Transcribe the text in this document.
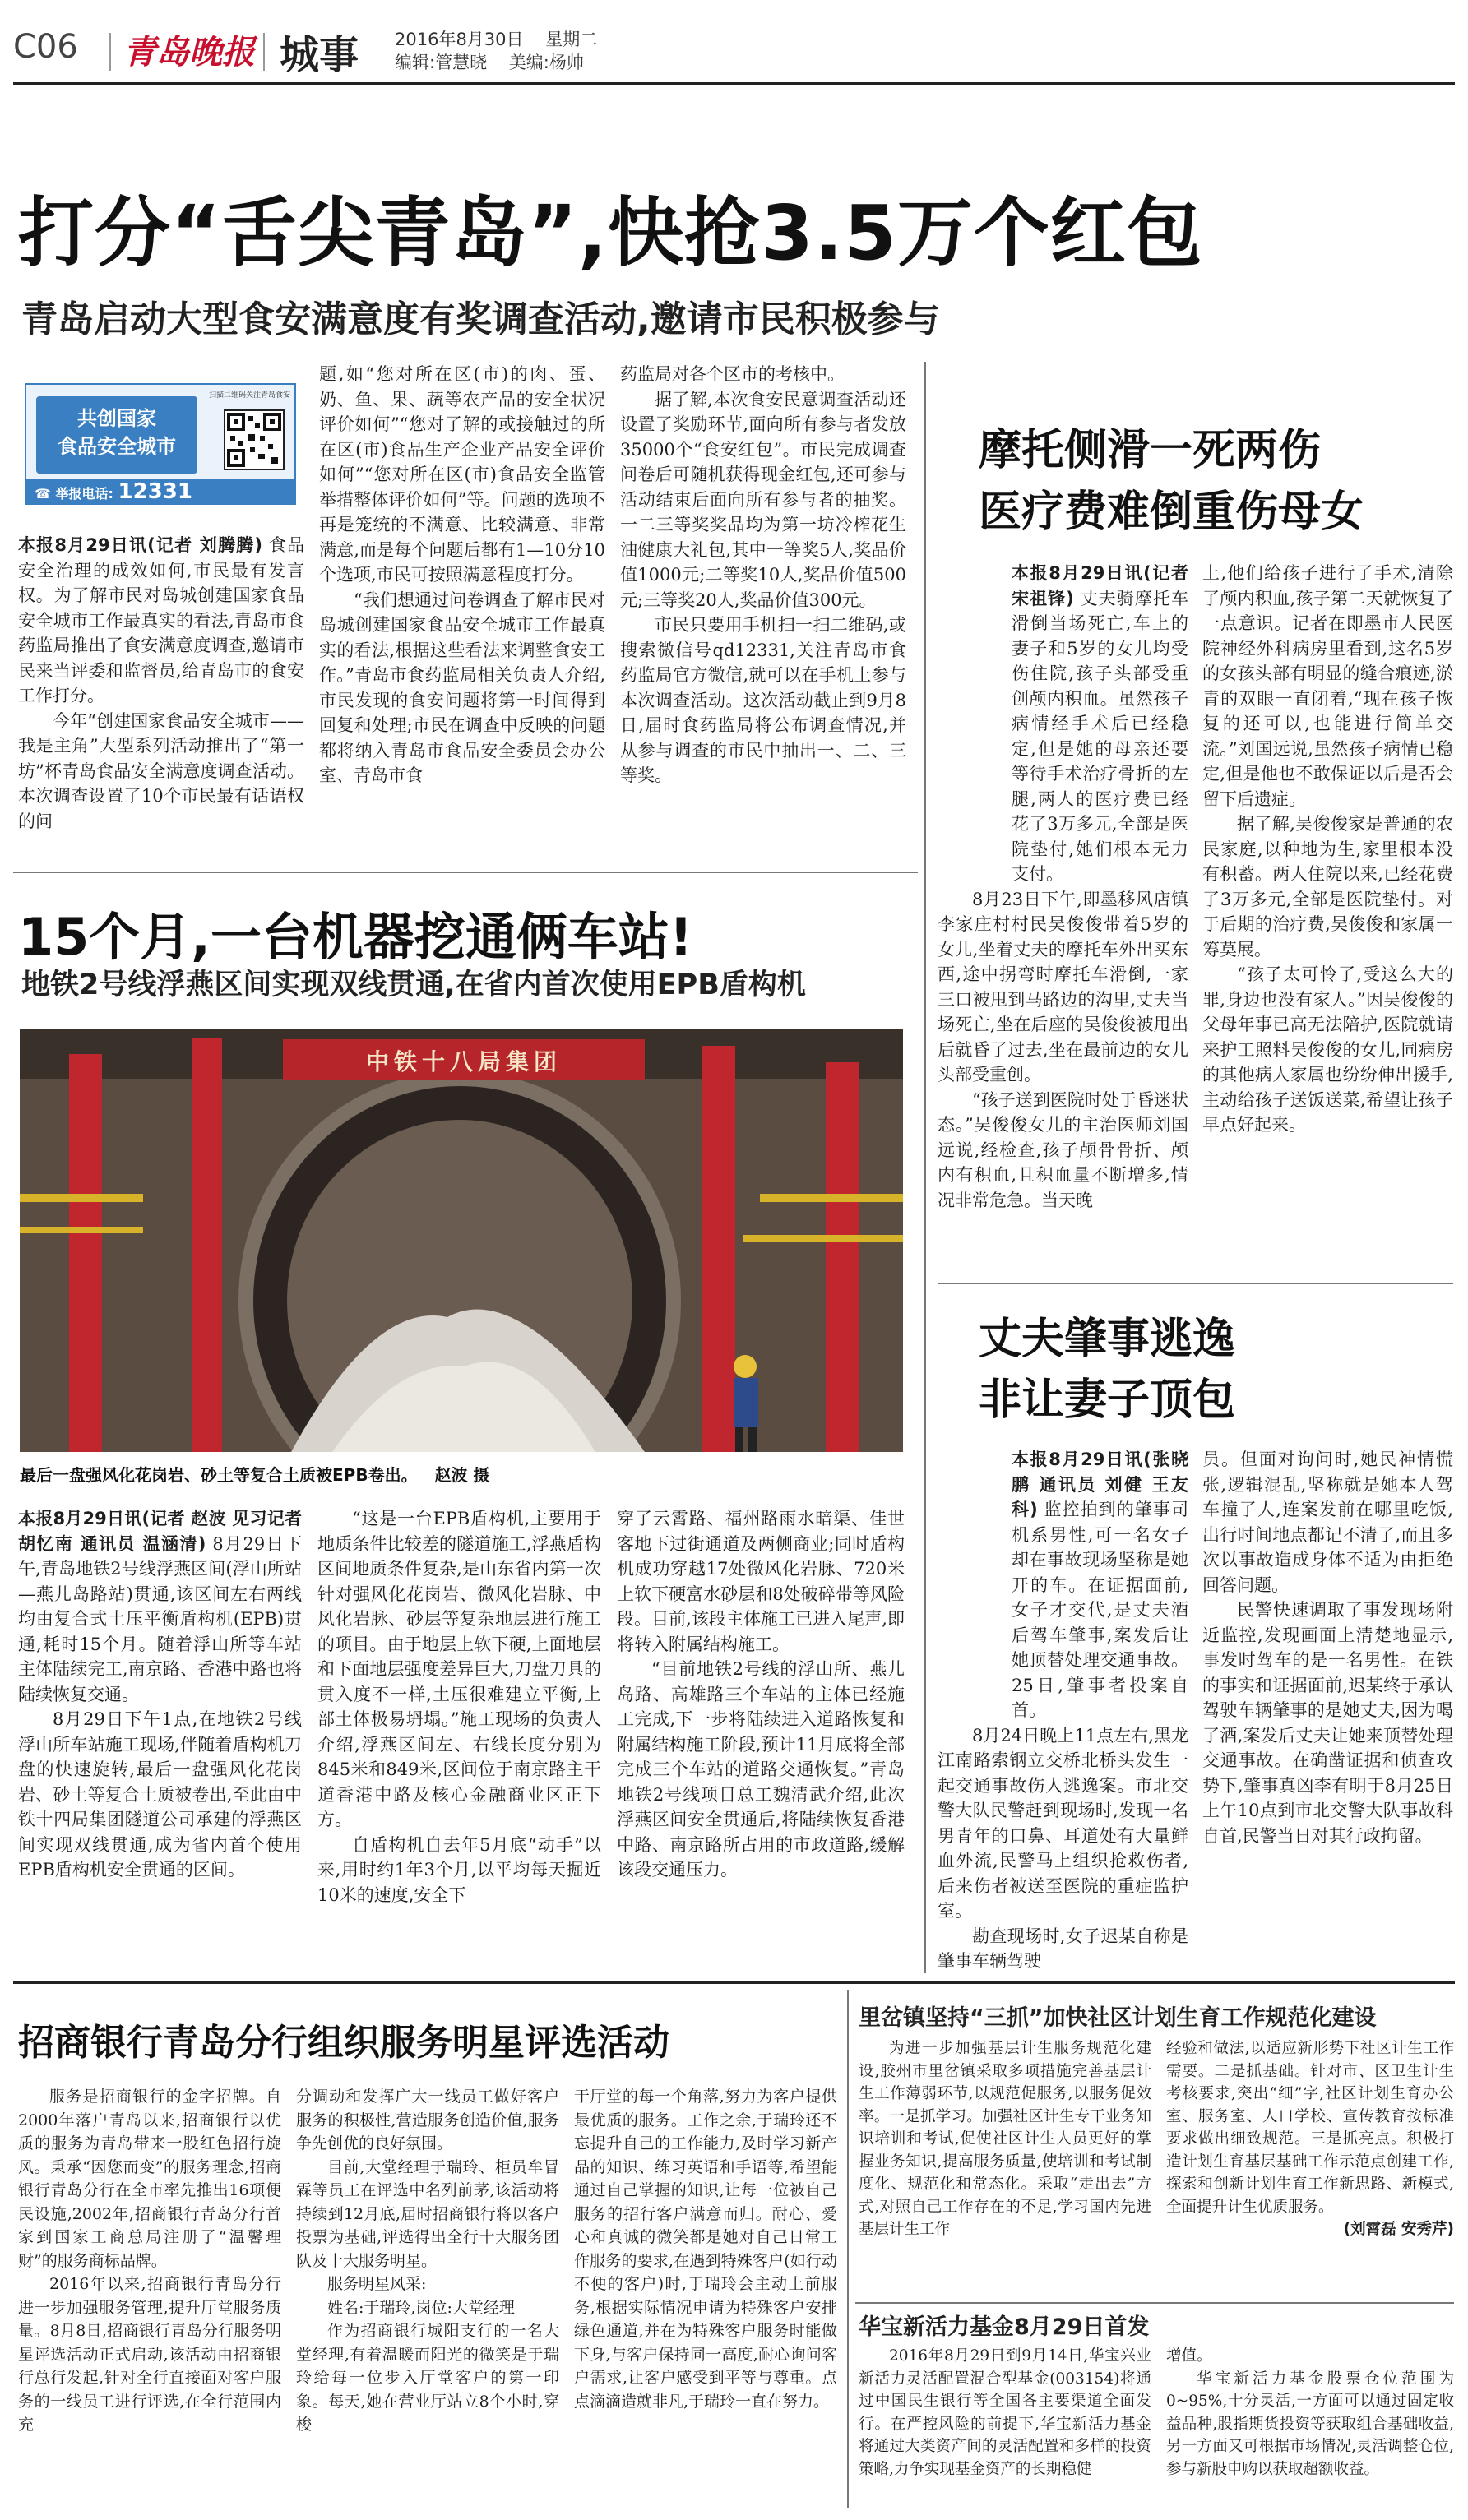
C06 青岛晚报 城事 2016年8月30日 星期二
编辑:管慧晓 美编:杨帅
打分“舌尖青岛”,快抢3.5万个红包
青岛启动大型食安满意度有奖调查活动,邀请市民积极参与
共创国家
食品安全城市
扫描二维码关注青岛食安
☎ 举报电话: 12331

本报8月29日讯(记者 刘腾腾) 食品安全治理的成效如何,市民最有发言权。为了解市民对岛城创建国家食品安全城市工作最真实的看法,青岛市食药监局推出了食安满意度调查,邀请市民来当评委和监督员,给青岛市的食安工作打分。

今年“创建国家食品安全城市——我是主角”大型系列活动推出了“第一坊”杯青岛食品安全满意度调查活动。本次调查设置了10个市民最有话语权的问

题,如“您对所在区(市)的肉、蛋、奶、鱼、果、蔬等农产品的安全状况评价如何”“您对了解的或接触过的所在区(市)食品生产企业产品安全评价如何”“您对所在区(市)食品安全监管举措整体评价如何”等。问题的选项不再是笼统的不满意、比较满意、非常满意,而是每个问题后都有1—10分10个选项,市民可按照满意程度打分。

“我们想通过问卷调查了解市民对岛城创建国家食品安全城市工作最真实的看法,根据这些看法来调整食安工作。”青岛市食药监局相关负责人介绍,市民发现的食安问题将第一时间得到回复和处理;市民在调查中反映的问题都将纳入青岛市食品安全委员会办公室、青岛市食

药监局对各个区市的考核中。

据了解,本次食安民意调查活动还设置了奖励环节,面向所有参与者发放35000个“食安红包”。市民完成调查问卷后可随机获得现金红包,还可参与活动结束后面向所有参与者的抽奖。一二三等奖奖品均为第一坊冷榨花生油健康大礼包,其中一等奖5人,奖品价值1000元;二等奖10人,奖品价值500元;三等奖20人,奖品价值300元。

市民只要用手机扫一扫二维码,或搜索微信号qd12331,关注青岛市食药监局官方微信,就可以在手机上参与本次调查活动。这次活动截止到9月8日,届时食药监局将公布调查情况,并从参与调查的市民中抽出一、二、三等奖。

摩托侧滑一死两伤
医疗费难倒重伤母女

本报8月29日讯(记者 宋祖锋) 丈夫骑摩托车滑倒当场死亡,车上的妻子和5岁的女儿均受伤住院,孩子头部受重创颅内积血。虽然孩子病情经手术后已经稳定,但是她的母亲还要等待手术治疗骨折的左腿,两人的医疗费已经花了3万多元,全部是医院垫付,她们根本无力支付。

8月23日下午,即墨移风店镇李家庄村村民吴俊俊带着5岁的女儿,坐着丈夫的摩托车外出买东西,途中拐弯时摩托车滑倒,一家三口被甩到马路边的沟里,丈夫当场死亡,坐在后座的吴俊俊被甩出后就昏了过去,坐在最前边的女儿头部受重创。

“孩子送到医院时处于昏迷状态。”吴俊俊女儿的主治医师刘国远说,经检查,孩子颅骨骨折、颅内有积血,且积血量不断增多,情况非常危急。当天晚

上,他们给孩子进行了手术,清除了颅内积血,孩子第二天就恢复了一点意识。记者在即墨市人民医院神经外科病房里看到,这名5岁的女孩头部有明显的缝合痕迹,淤青的双眼一直闭着,“现在孩子恢复的还可以,也能进行简单交流。”刘国远说,虽然孩子病情已稳定,但是他也不敢保证以后是否会留下后遗症。

据了解,吴俊俊家是普通的农民家庭,以种地为生,家里根本没有积蓄。两人住院以来,已经花费了3万多元,全部是医院垫付。对于后期的治疗费,吴俊俊和家属一筹莫展。

“孩子太可怜了,受这么大的罪,身边也没有家人。”因吴俊俊的父母年事已高无法陪护,医院就请来护工照料吴俊俊的女儿,同病房的其他病人家属也纷纷伸出援手,主动给孩子送饭送菜,希望让孩子早点好起来。

15个月,一台机器挖通俩车站!
地铁2号线浮燕区间实现双线贯通,在省内首次使用EPB盾构机
中铁十八局集团
最后一盘强风化花岗岩、砂土等复合土质被EPB卷出。 赵波 摄

本报8月29日讯(记者 赵波 见习记者 胡忆南 通讯员 温涵清) 8月29日下午,青岛地铁2号线浮燕区间(浮山所站—燕儿岛路站)贯通,该区间左右两线均由复合式土压平衡盾构机(EPB)贯通,耗时15个月。随着浮山所等车站主体陆续完工,南京路、香港中路也将陆续恢复交通。

8月29日下午1点,在地铁2号线浮山所车站施工现场,伴随着盾构机刀盘的快速旋转,最后一盘强风化花岗岩、砂土等复合土质被卷出,至此由中铁十四局集团隧道公司承建的浮燕区间实现双线贯通,成为省内首个使用EPB盾构机安全贯通的区间。

“这是一台EPB盾构机,主要用于地质条件比较差的隧道施工,浮燕盾构区间地质条件复杂,是山东省内第一次针对强风化花岗岩、微风化岩脉、中风化岩脉、砂层等复杂地层进行施工的项目。由于地层上软下硬,上面地层和下面地层强度差异巨大,刀盘刀具的贯入度不一样,土压很难建立平衡,上部土体极易坍塌。”施工现场的负责人介绍,浮燕区间左、右线长度分别为845米和849米,区间位于南京路主干道香港中路及核心金融商业区正下方。

自盾构机自去年5月底“动手”以来,用时约1年3个月,以平均每天掘近10米的速度,安全下

穿了云霄路、福州路雨水暗渠、佳世客地下过街通道及两侧商业;同时盾构机成功穿越17处微风化岩脉、720米上软下硬富水砂层和8处破碎带等风险段。目前,该段主体施工已进入尾声,即将转入附属结构施工。

“目前地铁2号线的浮山所、燕儿岛路、高雄路三个车站的主体已经施工完成,下一步将陆续进入道路恢复和附属结构施工阶段,预计11月底将全部完成三个车站的道路交通恢复。”青岛地铁2号线项目总工魏清武介绍,此次浮燕区间安全贯通后,将陆续恢复香港中路、南京路所占用的市政道路,缓解该段交通压力。

丈夫肇事逃逸
非让妻子顶包

本报8月29日讯(张晓鹏 通讯员 刘健 王友科) 监控拍到的肇事司机系男性,可一名女子却在事故现场坚称是她开的车。在证据面前,女子才交代,是丈夫酒后驾车肇事,案发后让她顶替处理交通事故。25日,肇事者投案自首。

8月24日晚上11点左右,黑龙江南路索钢立交桥北桥头发生一起交通事故伤人逃逸案。市北交警大队民警赶到现场时,发现一名男青年的口鼻、耳道处有大量鲜血外流,民警马上组织抢救伤者,后来伤者被送至医院的重症监护室。

勘查现场时,女子迟某自称是肇事车辆驾驶

员。但面对询问时,她民神情慌张,逻辑混乱,坚称就是她本人驾车撞了人,连案发前在哪里吃饭,出行时间地点都记不清了,而且多次以事故造成身体不适为由拒绝回答问题。

民警快速调取了事发现场附近监控,发现画面上清楚地显示,事发时驾车的是一名男性。在铁的事实和证据面前,迟某终于承认驾驶车辆肇事的是她丈夫,因为喝了酒,案发后丈夫让她来顶替处理交通事故。在确凿证据和侦查攻势下,肇事真凶李有明于8月25日上午10点到市北交警大队事故科自首,民警当日对其行政拘留。

招商银行青岛分行组织服务明星评选活动

服务是招商银行的金字招牌。自2000年落户青岛以来,招商银行以优质的服务为青岛带来一股红色招行旋风。秉承“因您而变”的服务理念,招商银行青岛分行在全市率先推出16项便民设施,2002年,招商银行青岛分行首家到国家工商总局注册了“温馨理财”的服务商标品牌。

2016年以来,招商银行青岛分行进一步加强服务管理,提升厅堂服务质量。8月8日,招商银行青岛分行服务明星评选活动正式启动,该活动由招商银行总行发起,针对全行直接面对客户服务的一线员工进行评选,在全行范围内充

分调动和发挥广大一线员工做好客户服务的积极性,营造服务创造价值,服务争先创优的良好氛围。

目前,大堂经理于瑞玲、柜员牟冒霖等员工在评选中名列前茅,该活动将持续到12月底,届时招商银行将以客户投票为基础,评选得出全行十大服务团队及十大服务明星。

服务明星风采:

姓名:于瑞玲,岗位:大堂经理

作为招商银行城阳支行的一名大堂经理,有着温暖而阳光的微笑是于瑞玲给每一位步入厅堂客户的第一印象。每天,她在营业厅站立8个小时,穿梭

于厅堂的每一个角落,努力为客户提供最优质的服务。工作之余,于瑞玲还不忘提升自己的工作能力,及时学习新产品的知识、练习英语和手语等,希望能通过自己掌握的知识,让每一位被自己服务的招行客户满意而归。耐心、爱心和真诚的微笑都是她对自己日常工作服务的要求,在遇到特殊客户(如行动不便的客户)时,于瑞玲会主动上前服务,根据实际情况申请为特殊客户安排绿色通道,并在为特殊客户服务时能做下身,与客户保持同一高度,耐心询问客户需求,让客户感受到平等与尊重。点点滴滴造就非凡,于瑞玲一直在努力。

里岔镇坚持“三抓”加快社区计划生育工作规范化建设

为进一步加强基层计生服务规范化建设,胶州市里岔镇采取多项措施完善基层计生工作薄弱环节,以规范促服务,以服务促效率。一是抓学习。加强社区计生专干业务知识培训和考试,促使社区计生人员更好的掌握业务知识,提高服务质量,使培训和考试制度化、规范化和常态化。采取“走出去”方式,对照自己工作存在的不足,学习国内先进基层计生工作

经验和做法,以适应新形势下社区计生工作需要。二是抓基础。针对市、区卫生计生考核要求,突出“细”字,社区计划生育办公室、服务室、人口学校、宣传教育按标准要求做出细致规范。三是抓亮点。积极打造计划生育基层基础工作示范点创建工作,探索和创新计划生育工作新思路、新模式,全面提升计生优质服务。

(刘霄磊 安秀芹)

华宝新活力基金8月29日首发

2016年8月29日到9月14日,华宝兴业新活力灵活配置混合型基金(003154)将通过中国民生银行等全国各主要渠道全面发行。在严控风险的前提下,华宝新活力基金将通过大类资产间的灵活配置和多样的投资策略,力争实现基金资产的长期稳健

增值。

华宝新活力基金股票仓位范围为0~95%,十分灵活,一方面可以通过固定收益品种,股指期货投资等获取组合基础收益,另一方面又可根据市场情况,灵活调整仓位,参与新股申购以获取超额收益。
